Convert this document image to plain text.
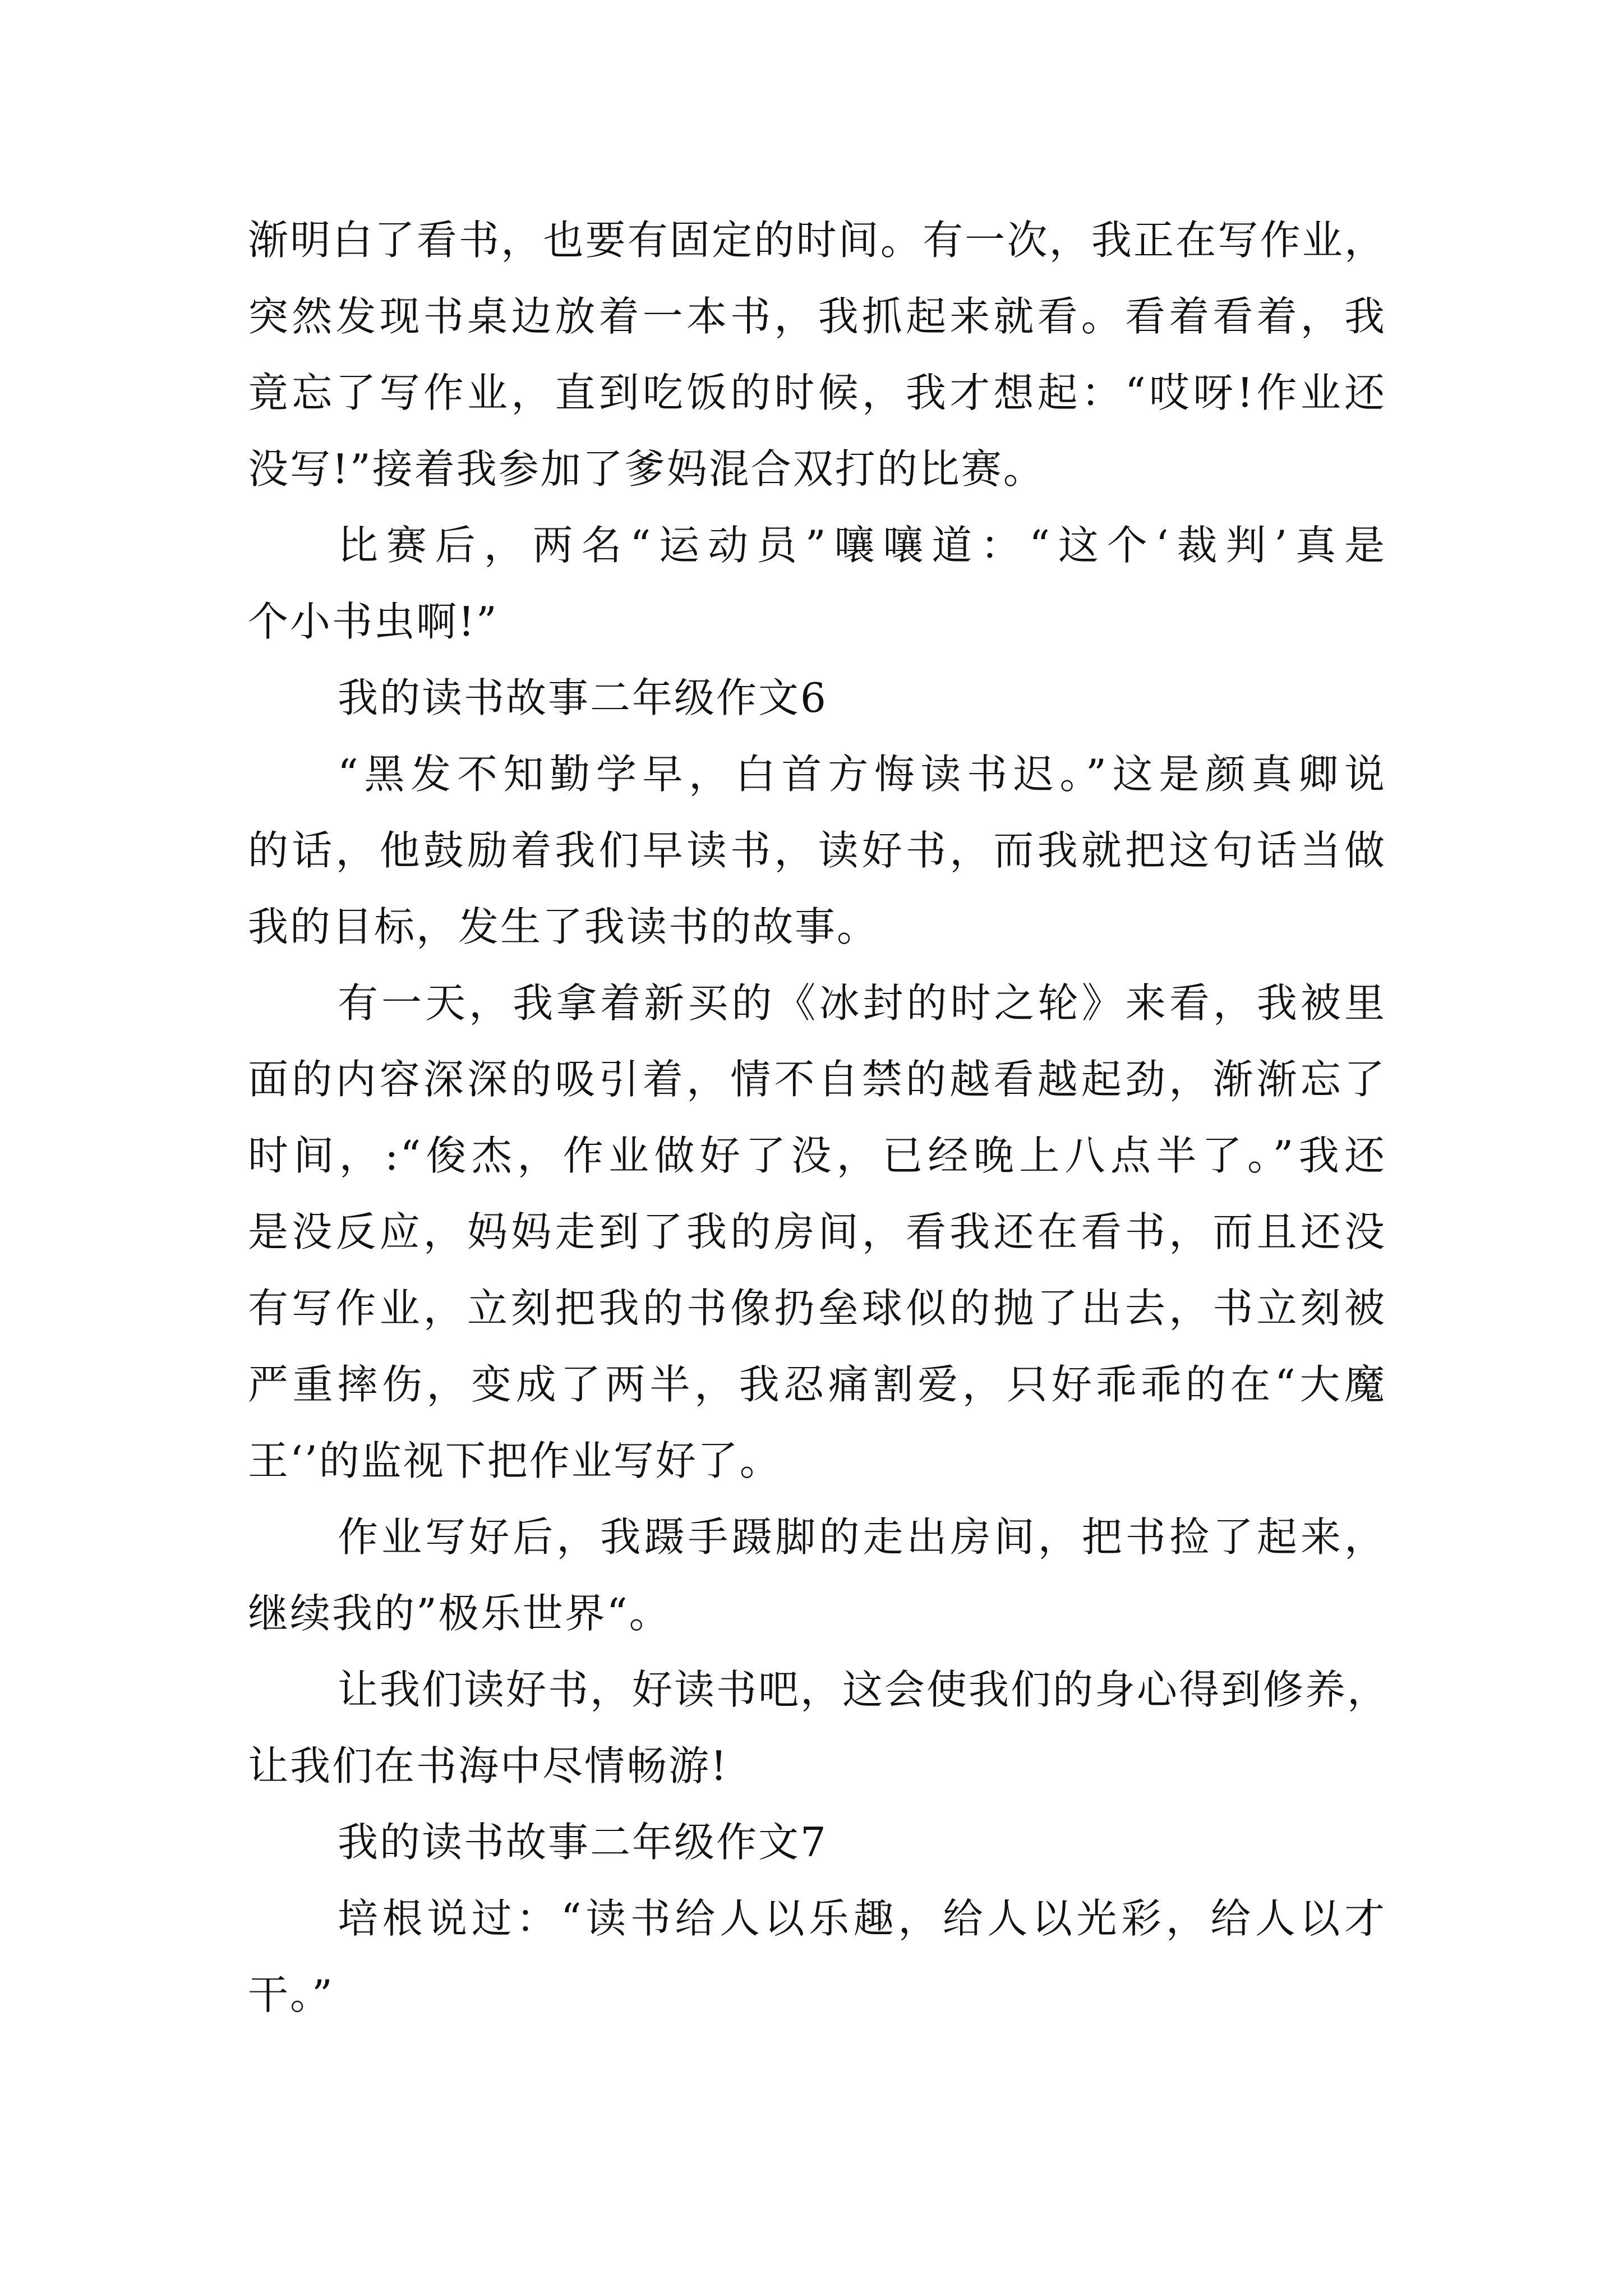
渐明白了看书，也要有固定的时间。有一次，我正在写作业，
突然发现书桌边放着一本书，我抓起来就看。看着看着，我
竟忘了写作业，直到吃饭的时候，我才想起：“哎呀!作业还
没写!”接着我参加了爹妈混合双打的比赛。
比赛后，两名“运动员”嚷嚷道：“这个‘裁判’真是
个小书虫啊!”
我的读书故事二年级作文6
“黑发不知勤学早，白首方悔读书迟。”这是颜真卿说
的话，他鼓励着我们早读书，读好书，而我就把这句话当做
我的目标，发生了我读书的故事。
有一天，我拿着新买的《冰封的时之轮》来看，我被里
面的内容深深的吸引着，情不自禁的越看越起劲，渐渐忘了
时间，:“俊杰，作业做好了没，已经晚上八点半了。”我还
是没反应，妈妈走到了我的房间，看我还在看书，而且还没
有写作业，立刻把我的书像扔垒球似的抛了出去，书立刻被
严重摔伤，变成了两半，我忍痛割爱，只好乖乖的在“大魔
王‘’的监视下把作业写好了。
作业写好后，我蹑手蹑脚的走出房间，把书捡了起来，
继续我的”极乐世界“。
让我们读好书，好读书吧，这会使我们的身心得到修养，
让我们在书海中尽情畅游!
我的读书故事二年级作文7
培根说过：“读书给人以乐趣，给人以光彩，给人以才
干。”
